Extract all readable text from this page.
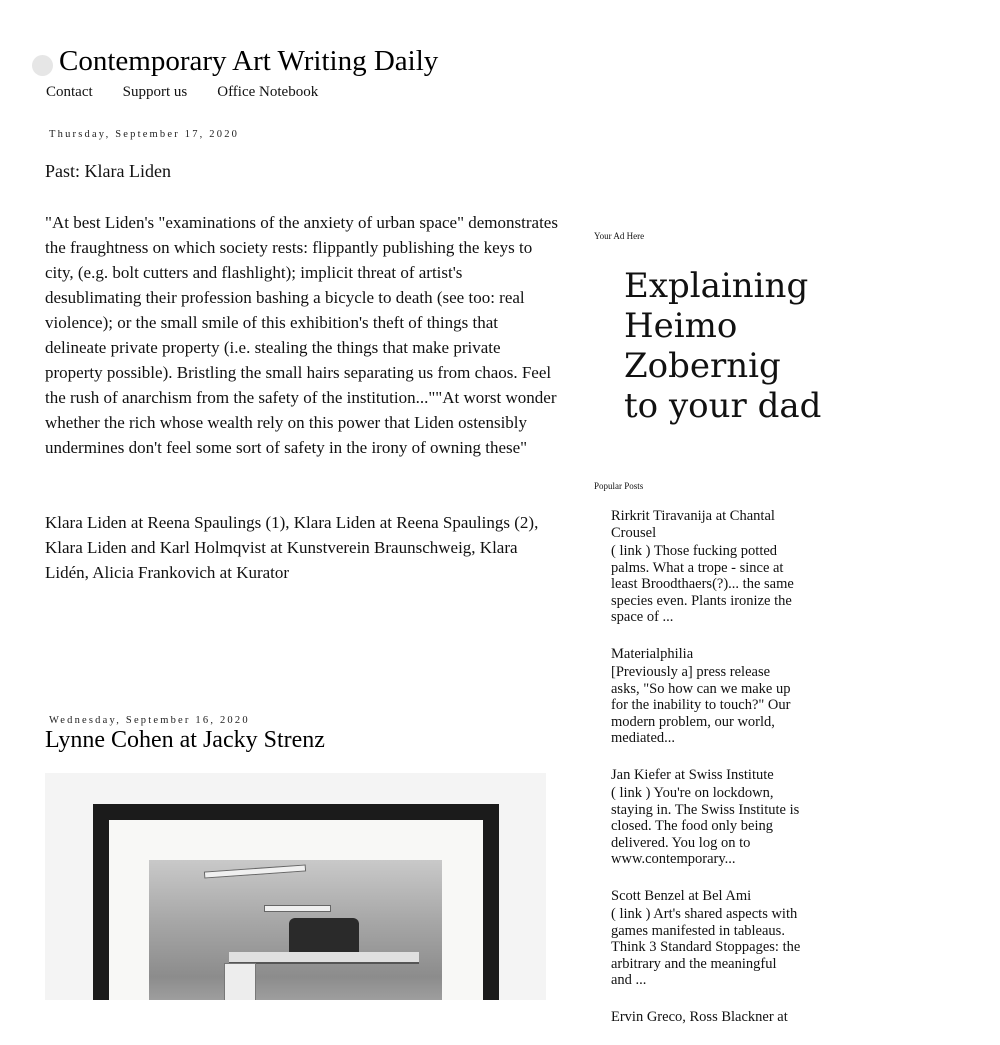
Contemporary Art Writing Daily
Contact Support us Office Notebook
Thursday, September 17, 2020
Past: Klara Liden

"At best Liden's "examinations of the anxiety of urban space" demonstrates the fraughtness on which society rests: flippantly publishing the keys to city, (e.g. bolt cutters and flashlight); implicit threat of artist's desublimating their profession bashing a bicycle to death (see too: real violence); or the small smile of this exhibition's theft of things that delineate private property (i.e. stealing the things that make private property possible). Bristling the small hairs separating us from chaos. Feel the rush of anarchism from the safety of the institution...""At worst wonder whether the rich whose wealth rely on this power that Liden ostensibly undermines don't feel some sort of safety in the irony of owning these"

Klara Liden at Reena Spaulings (1), Klara Liden at Reena Spaulings (2), Klara Liden and Karl Holmqvist at Kunstverein Braunschweig, Klara Lidén, Alicia Frankovich at Kurator

Wednesday, September 16, 2020
Lynne Cohen at Jacky Strenz
Your Ad Here
Explaining
Heimo
Zobernig
to your dad
Popular Posts
Rirkrit Tiravanija at Chantal Crousel
( link ) Those fucking potted palms. What a trope - since at least Broodthaers(?)... the same species even. Plants ironize the space of ...
Materialphilia
[Previously a] press release asks, "So how can we make up for the inability to touch?" Our modern problem, our world, mediated...
Jan Kiefer at Swiss Institute
( link ) You're on lockdown, staying in. The Swiss Institute is closed. The food only being delivered. You log on to www.contemporary...
Scott Benzel at Bel Ami
( link ) Art's shared aspects with games manifested in tableaus. Think 3 Standard Stoppages: the arbitrary and the meaningful and ...
Ervin Greco, Ross Blackner at
